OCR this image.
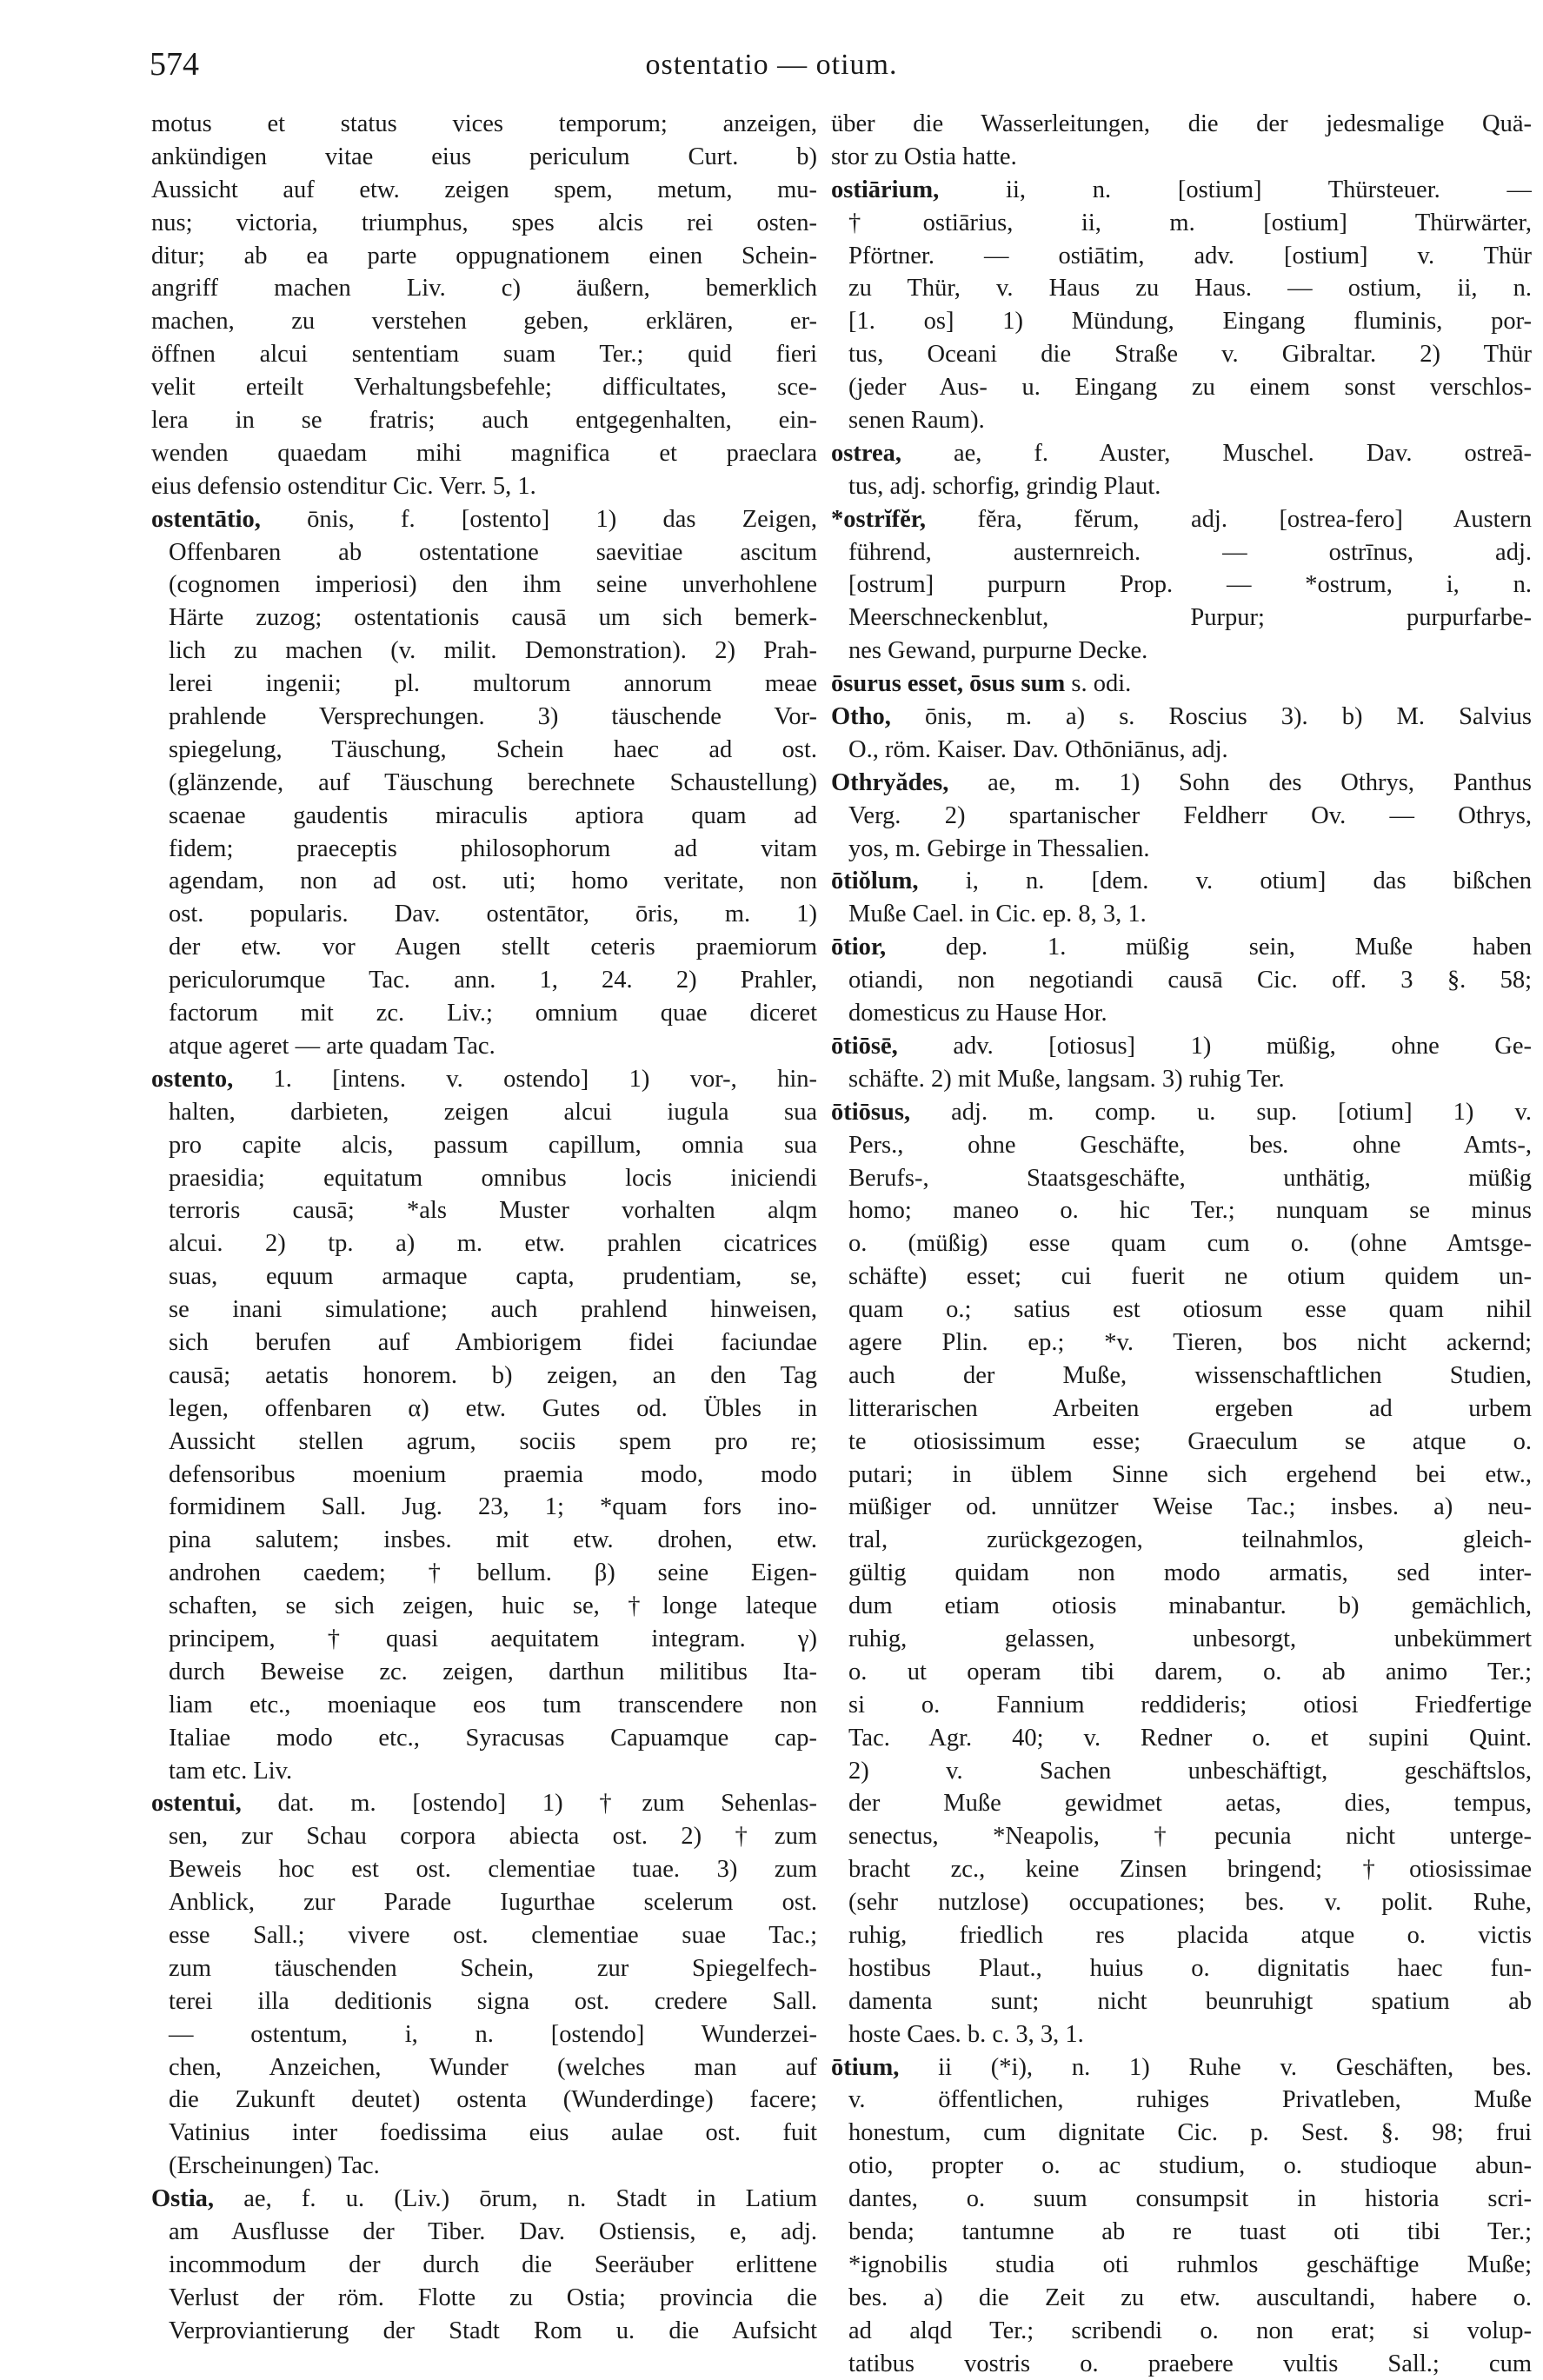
574	ostentatio — otium.
motus et status vices temporum; anzeigen,
ankündigen vitae eius periculum Curt. b)
Aussicht auf etw. zeigen spem, metum, mu-
nus; victoria, triumphus, spes alcis rei osten-
ditur; ab ea parte oppugnationem einen Schein-
angriff machen Liv. c) äußern, bemerklich
machen, zu verstehen geben, erklären, er-
öffnen alcui sententiam suam Ter.; quid fieri
velit erteilt Verhaltungsbefehle; difficultates, sce-
lera in se fratris; auch entgegenhalten, ein-
wenden quaedam mihi magnifica et praeclara
eius defensio ostenditur Cic. Verr. 5, 1.
ostentātio, ōnis, f. [ostento] 1) das Zeigen,
Offenbaren ab ostentatione saevitiae ascitum
(cognomen imperiosi) den ihm seine unverhohlene
Härte zuzog; ostentationis causā um sich bemerk-
lich zu machen (v. milit. Demonstration). 2) Prah-
lerei ingenii; pl. multorum annorum meae
prahlende Versprechungen. 3) täuschende Vor-
spiegelung, Täuschung, Schein haec ad ost.
(glänzende, auf Täuschung berechnete Schaustellung)
scaenae gaudentis miraculis aptiora quam ad
fidem; praeceptis philosophorum ad vitam
agendam, non ad ost. uti; homo veritate, non
ost. popularis. Dav. ostentātor, ōris, m. 1)
der etw. vor Augen stellt ceteris praemiorum
periculorumque Tac. ann. 1, 24. 2) Prahler,
factorum mit zc. Liv.; omnium quae diceret
atque ageret — arte quadam Tac.
ostento, 1. [intens. v. ostendo] 1) vor-, hin-
halten, darbieten, zeigen alcui iugula sua
pro capite alcis, passum capillum, omnia sua
praesidia; equitatum omnibus locis iniciendi
terroris causā; *als Muster vorhalten alqm
alcui. 2) tp. a) m. etw. prahlen cicatrices
suas, equum armaque capta, prudentiam, se,
se inani simulatione; auch prahlend hinweisen,
sich berufen auf Ambiorigem fidei faciundae
causā; aetatis honorem. b) zeigen, an den Tag
legen, offenbaren α) etw. Gutes od. Übles in
Aussicht stellen agrum, sociis spem pro re;
defensoribus moenium praemia modo, modo
formidinem Sall. Jug. 23, 1; *quam fors ino-
pina salutem; insbes. mit etw. drohen, etw.
androhen caedem; †bellum. β) seine Eigen-
schaften, se sich zeigen, huic se, †longe lateque
principem, †quasi aequitatem integram. γ)
durch Beweise zc. zeigen, darthun militibus Ita-
liam etc., moeniaque eos tum transcendere non
Italiae modo etc., Syracusas Capuamque cap-
tam etc. Liv.
ostentui, dat. m. [ostendo] 1) †zum Sehenlas-
sen, zur Schau corpora abiecta ost. 2) †zum
Beweis hoc est ost. clementiae tuae. 3) zum
Anblick, zur Parade Iugurthae scelerum ost.
esse Sall.; vivere ost. clementiae suae Tac.;
zum täuschenden Schein, zur Spiegelfech-
terei illa deditionis signa ost. credere Sall.
— ostentum, i, n. [ostendo] Wunderzei-
chen, Anzeichen, Wunder (welches man auf
die Zukunft deutet) ostenta (Wunderdinge) facere;
Vatinius inter foedissima eius aulae ost. fuit
(Erscheinungen) Tac.
Ostia, ae, f. u. (Liv.) ōrum, n. Stadt in Latium
am Ausflusse der Tiber. Dav. Ostiensis, e, adj.
incommodum der durch die Seeräuber erlittene
Verlust der röm. Flotte zu Ostia; provincia die
Verproviantierung der Stadt Rom u. die Aufsicht
über die Wasserleitungen, die der jedesmalige Quä-
stor zu Ostia hatte.
ostiārium, ii, n. [ostium] Thürsteuer. —
†ostiārius, ii, m. [ostium] Thürwärter,
Pförtner. — ostiātim, adv. [ostium] v. Thür
zu Thür, v. Haus zu Haus. — ostium, ii, n.
[1. os] 1) Mündung, Eingang fluminis, por-
tus, Oceani die Straße v. Gibraltar. 2) Thür
(jeder Aus- u. Eingang zu einem sonst verschlos-
senen Raum).
ostrea, ae, f. Auster, Muschel. Dav. ostreā-
tus, adj. schorfig, grindig Plaut.
*ostrĭfĕr, fĕra, fĕrum, adj. [ostrea-fero] Austern
führend, austernreich. — ostrīnus, adj.
[ostrum] purpurn Prop. — *ostrum, i, n.
Meerschneckenblut, Purpur; purpurfarbe-
nes Gewand, purpurne Decke.
ōsurus esset, ōsus sum s. odi.
Otho, ōnis, m. a) s. Roscius 3). b) M. Salvius
O., röm. Kaiser. Dav. Othōniānus, adj.
Othryădes, ae, m. 1) Sohn des Othrys, Panthus
Verg. 2) spartanischer Feldherr Ov. — Othrys,
yos, m. Gebirge in Thessalien.
ōtiŏlum, i, n. [dem. v. otium] das bißchen
Muße Cael. in Cic. ep. 8, 3, 1.
ōtior, dep. 1. müßig sein, Muße haben
otiandi, non negotiandi causā Cic. off. 3 §. 58;
domesticus zu Hause Hor.
ōtiōsē, adv. [otiosus] 1) müßig, ohne Ge-
schäfte. 2) mit Muße, langsam. 3) ruhig Ter.
ōtiōsus, adj. m. comp. u. sup. [otium] 1) v.
Pers., ohne Geschäfte, bes. ohne Amts-,
Berufs-, Staatsgeschäfte, unthätig, müßig
homo; maneo o. hic Ter.; nunquam se minus
o. (müßig) esse quam cum o. (ohne Amtsge-
schäfte) esset; cui fuerit ne otium quidem un-
quam o.; satius est otiosum esse quam nihil
agere Plin. ep.; *v. Tieren, bos nicht ackernd;
auch der Muße, wissenschaftlichen Studien,
litterarischen Arbeiten ergeben ad urbem
te otiosissimum esse; Graeculum se atque o.
putari; in üblem Sinne sich ergehend bei etw.,
müßiger od. unnützer Weise Tac.; insbes. a) neu-
tral, zurückgezogen, teilnahmlos, gleich-
gültig quidam non modo armatis, sed inter-
dum etiam otiosis minabantur. b) gemächlich,
ruhig, gelassen, unbesorgt, unbekümmert
o. ut operam tibi darem, o. ab animo Ter.;
si o. Fannium reddideris; otiosi Friedfertige
Tac. Agr. 40; v. Redner o. et supini Quint.
2) v. Sachen unbeschäftigt, geschäftslos,
der Muße gewidmet aetas, dies, tempus,
senectus, *Neapolis, †pecunia nicht unterge-
bracht zc., keine Zinsen bringend; †otiosissimae
(sehr nutzlose) occupationes; bes. v. polit. Ruhe,
ruhig, friedlich res placida atque o. victis
hostibus Plaut., huius o. dignitatis haec fun-
damenta sunt; nicht beunruhigt spatium ab
hoste Caes. b. c. 3, 3, 1.
ōtium, ii (*i), n. 1) Ruhe v. Geschäften, bes.
v. öffentlichen, ruhiges Privatleben, Muße
honestum, cum dignitate Cic. p. Sest. §. 98; frui
otio, propter o. ac studium, o. studioque abun-
dantes, o. suum consumpsit in historia scri-
benda; tantumne ab re tuast oti tibi Ter.;
*ignobilis studia oti ruhmlos geschäftige Muße;
bes. a) die Zeit zu etw. auscultandi, habere o.
ad alqd Ter.; scribendi o. non erat; si volup-
tatibus vostris o. praebere vultis Sall.; cum
